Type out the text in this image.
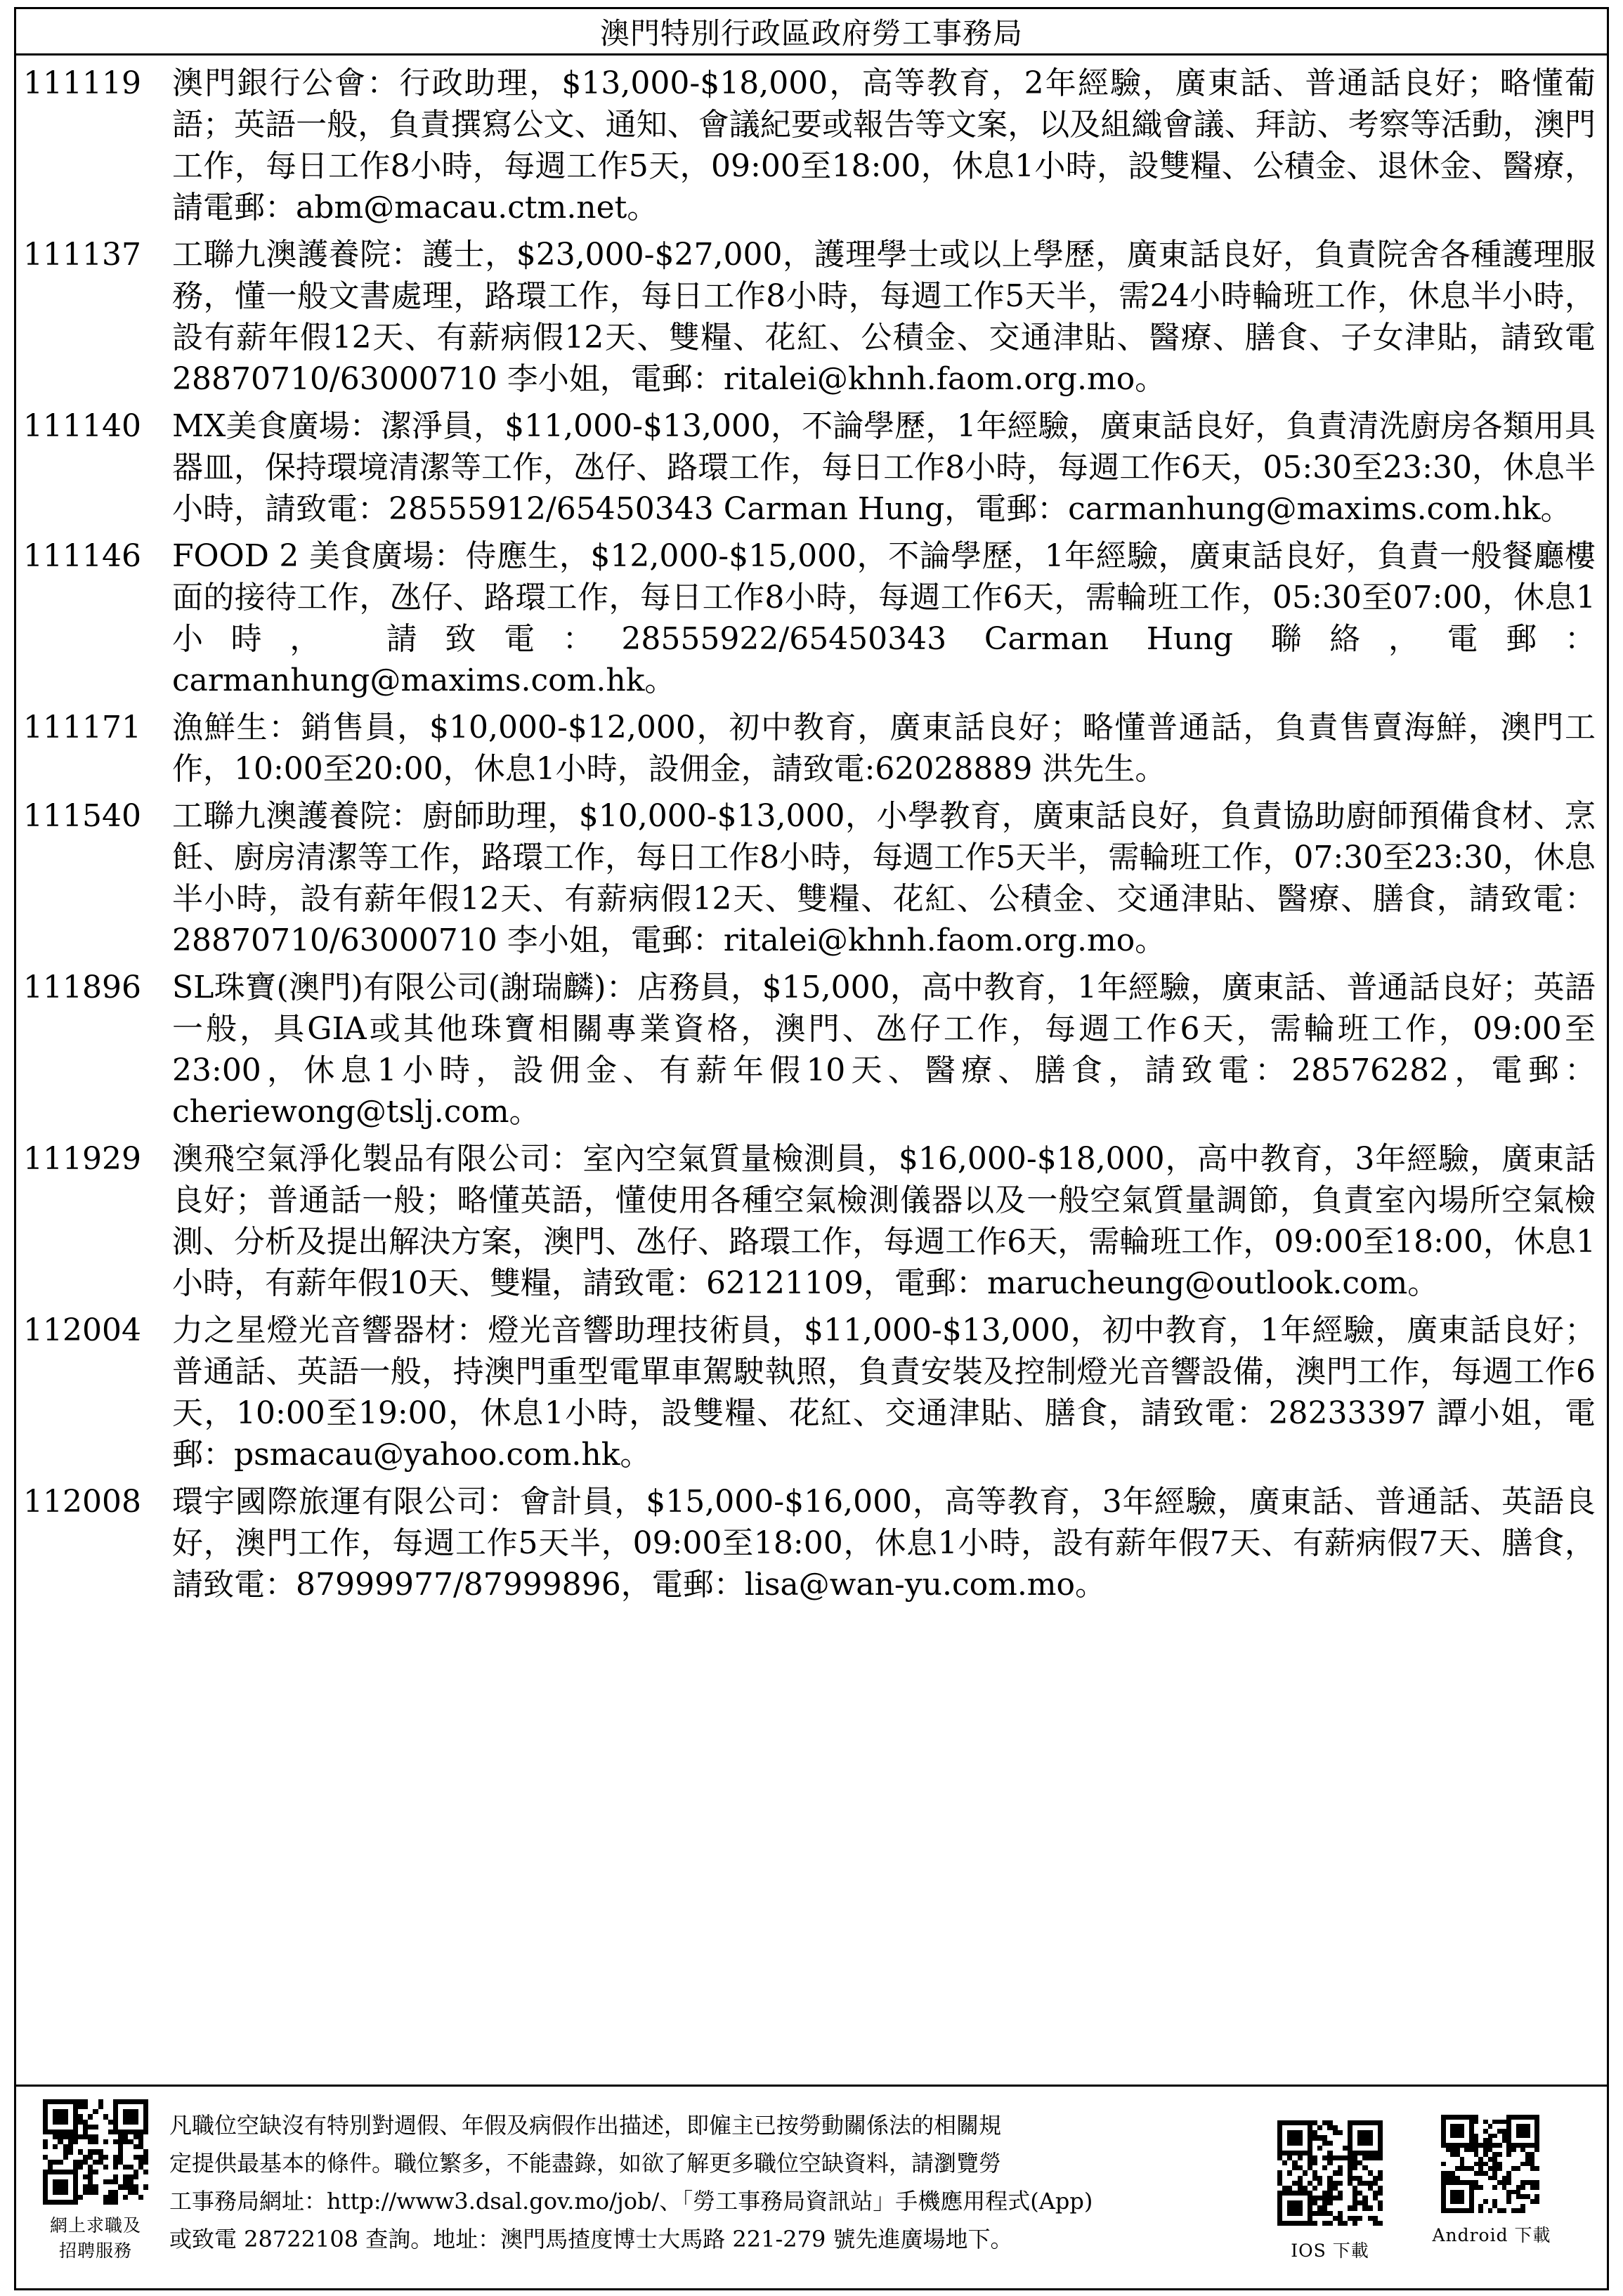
澳門特別行政區政府勞工事務局
111119	澳門銀行公會：行政助理，$13,000-$18,000，高等教育，2年經驗，廣東話、普通話良好；略懂葡語；英語一般，負責撰寫公文、通知、會議紀要或報告等文案，以及組織會議、拜訪、考察等活動，澳門工作，每日工作8小時，每週工作5天，09:00至18:00，休息1小時，設雙糧、公積金、退休金、醫療，請電郵：abm@macau.ctm.net。
111137	工聯九澳護養院：護士，$23,000-$27,000，護理學士或以上學歷，廣東話良好，負責院舍各種護理服務，懂一般文書處理，路環工作，每日工作8小時，每週工作5天半，需24小時輪班工作，休息半小時，設有薪年假12天、有薪病假12天、雙糧、花紅、公積金、交通津貼、醫療、膳食、子女津貼，請致電 28870710/63000710 李小姐，電郵：ritalei@khnh.faom.org.mo。
111140	MX美食廣場：潔淨員，$11,000-$13,000，不論學歷，1年經驗，廣東話良好，負責清洗廚房各類用具器皿，保持環境清潔等工作，氹仔、路環工作，每日工作8小時，每週工作6天，05:30至23:30，休息半小時，請致電：28555912/65450343 Carman Hung，電郵：carmanhung@maxims.com.hk。
111146	FOOD 2 美食廣場：侍應生，$12,000-$15,000，不論學歷，1年經驗，廣東話良好，負責一般餐廳樓面的接待工作，氹仔、路環工作，每日工作8小時，每週工作6天，需輪班工作，05:30至07:00，休息1小時， 請致電：28555922/65450343 Carman Hung 聯絡，電郵：carmanhung@maxims.com.hk。
111171	漁鮮生：銷售員，$10,000-$12,000，初中教育，廣東話良好；略懂普通話，負責售賣海鮮，澳門工作，10:00至20:00，休息1小時，設佣金，請致電:62028889 洪先生。
111540	工聯九澳護養院：廚師助理，$10,000-$13,000，小學教育，廣東話良好，負責協助廚師預備食材、烹飪、廚房清潔等工作，路環工作，每日工作8小時，每週工作5天半，需輪班工作，07:30至23:30，休息半小時，設有薪年假12天、有薪病假12天、雙糧、花紅、公積金、交通津貼、醫療、膳食，請致電：28870710/63000710 李小姐，電郵：ritalei@khnh.faom.org.mo。
111896	SL珠寶(澳門)有限公司(謝瑞麟)：店務員，$15,000，高中教育，1年經驗，廣東話、普通話良好；英語一般，具GIA或其他珠寶相關專業資格，澳門、氹仔工作，每週工作6天，需輪班工作，09:00至23:00，休息1小時，設佣金、有薪年假10天、醫療、膳食，請致電：28576282，電郵：cheriewong@tslj.com。
111929	澳飛空氣淨化製品有限公司：室內空氣質量檢測員，$16,000-$18,000，高中教育，3年經驗，廣東話良好；普通話一般；略懂英語，懂使用各種空氣檢測儀器以及一般空氣質量調節，負責室內場所空氣檢測、分析及提出解決方案，澳門、氹仔、路環工作，每週工作6天，需輪班工作，09:00至18:00，休息1小時，有薪年假10天、雙糧，請致電：62121109，電郵：marucheung@outlook.com。
112004	力之星燈光音響器材：燈光音響助理技術員，$11,000-$13,000，初中教育，1年經驗，廣東話良好；普通話、英語一般，持澳門重型電單車駕駛執照，負責安裝及控制燈光音響設備，澳門工作，每週工作6天，10:00至19:00，休息1小時，設雙糧、花紅、交通津貼、膳食，請致電：28233397 譚小姐，電郵：psmacau@yahoo.com.hk。
112008	環宇國際旅運有限公司：會計員，$15,000-$16,000，高等教育，3年經驗，廣東話、普通話、英語良好，澳門工作，每週工作5天半，09:00至18:00，休息1小時，設有薪年假7天、有薪病假7天、膳食，請致電：87999977/87999896，電郵：lisa@wan-yu.com.mo。
網上求職及
招聘服務
凡職位空缺沒有特別對週假、年假及病假作出描述，即僱主已按勞動關係法的相關規
定提供最基本的條件。職位繁多，不能盡錄，如欲了解更多職位空缺資料，請瀏覽勞
工事務局網址：http://www3.dsal.gov.mo/job/、「勞工事務局資訊站」手機應用程式(App)
或致電 28722108 查詢。地址：澳門馬揸度博士大馬路 221-279 號先進廣場地下。	IOS 下載
Android 下載
